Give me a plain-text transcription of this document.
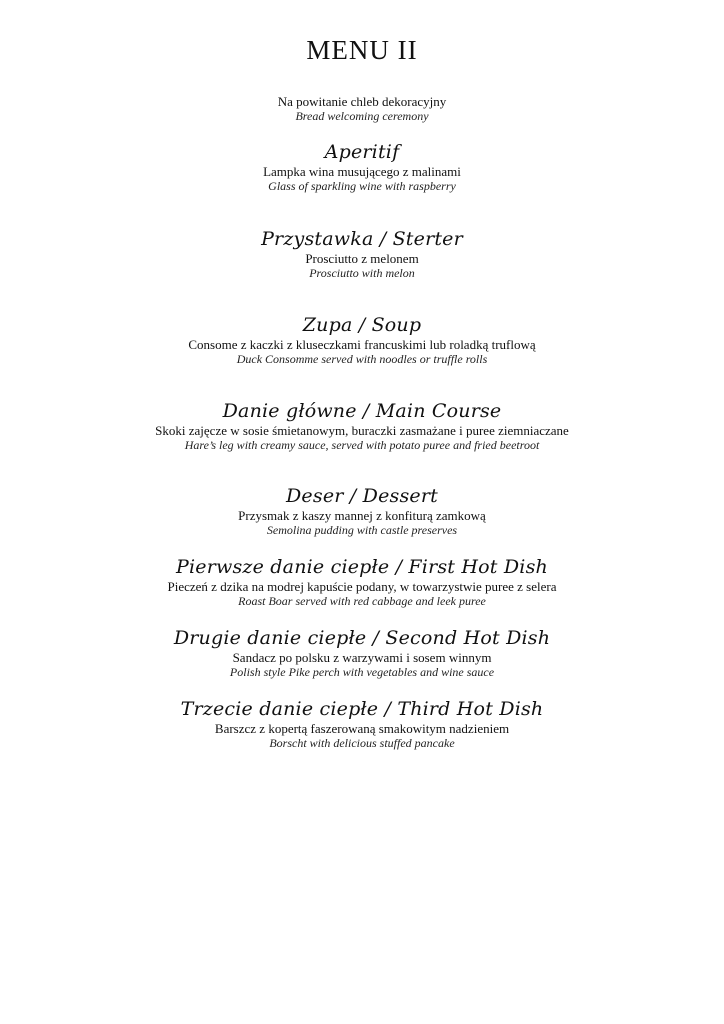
MENU II
Na powitanie chleb dekoracyjny
Bread welcoming ceremony
Aperitif
Lampka wina musującego z malinami
Glass of sparkling wine with raspberry
Przystawka / Sterter
Prosciutto z melonem
Prosciutto with melon
Zupa / Soup
Consome z kaczki z kluseczkami francuskimi lub roladką truflową
Duck Consomme served with noodles or truffle rolls
Danie główne / Main Course
Skoki zajęcze w sosie śmietanowym, buraczki zasmażane i puree ziemniaczane
Hare’s leg with creamy sauce, served with potato puree and fried beetroot
Deser / Dessert
Przysmak z kaszy mannej z konfiturą zamkową
Semolina pudding with castle preserves
Pierwsze danie ciepłe / First Hot Dish
Pieczeń z dzika na modrej kapuście podany, w towarzystwie puree z selera
Roast Boar served with red cabbage and leek puree
Drugie danie ciepłe / Second Hot Dish
Sandacz po polsku z warzywami i sosem winnym
Polish style Pike perch with vegetables and wine sauce
Trzecie danie ciepłe / Third Hot Dish
Barszcz z kopertą faszerowaną smakowitym nadzieniem
Borscht with delicious stuffed pancake
